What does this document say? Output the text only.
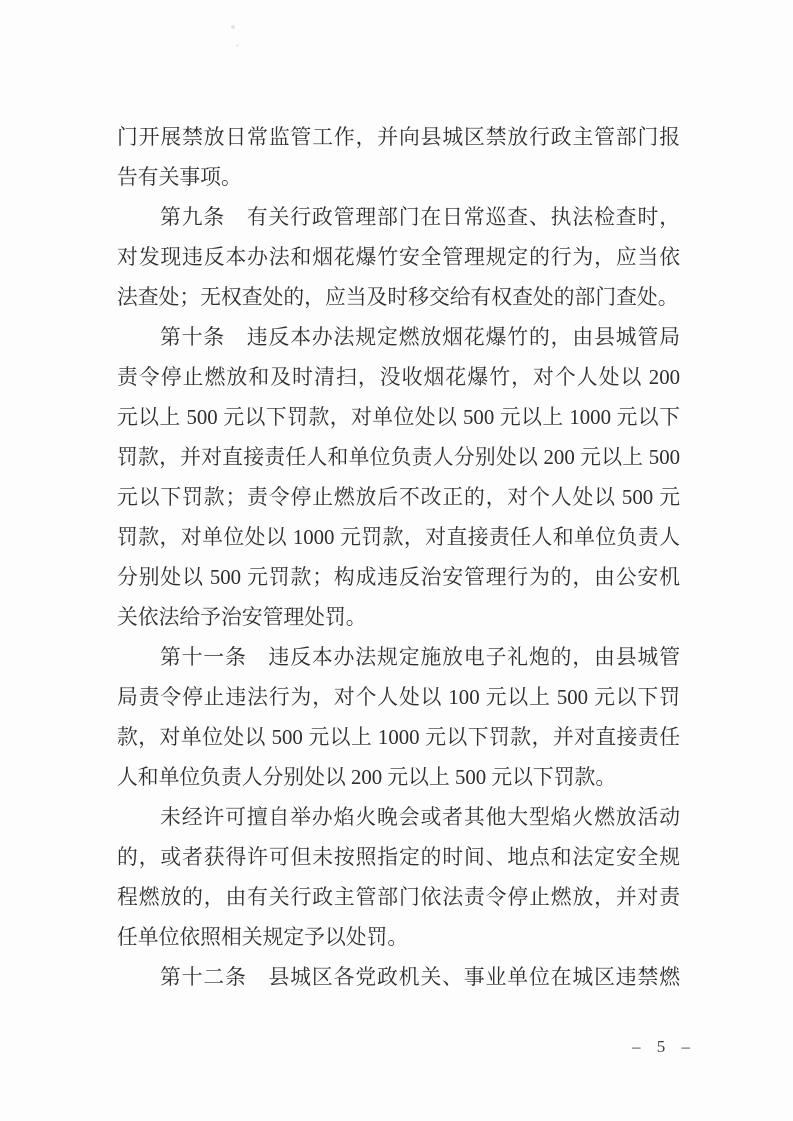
门开展禁放日常监管工作，并向县城区禁放行政主管部门报
告有关事项。
第九条　有关行政管理部门在日常巡查、执法检查时，
对发现违反本办法和烟花爆竹安全管理规定的行为，应当依
法查处；无权查处的，应当及时移交给有权查处的部门查处。
第十条　违反本办法规定燃放烟花爆竹的，由县城管局
责令停止燃放和及时清扫，没收烟花爆竹，对个人处以 200
元以上 500 元以下罚款，对单位处以 500 元以上 1000 元以下
罚款，并对直接责任人和单位负责人分别处以 200 元以上 500
元以下罚款；责令停止燃放后不改正的，对个人处以 500 元
罚款，对单位处以 1000 元罚款，对直接责任人和单位负责人
分别处以 500 元罚款；构成违反治安管理行为的，由公安机
关依法给予治安管理处罚。
第十一条　违反本办法规定施放电子礼炮的，由县城管
局责令停止违法行为，对个人处以 100 元以上 500 元以下罚
款，对单位处以 500 元以上 1000 元以下罚款，并对直接责任
人和单位负责人分别处以 200 元以上 500 元以下罚款。
未经许可擅自举办焰火晚会或者其他大型焰火燃放活动
的，或者获得许可但未按照指定的时间、地点和法定安全规
程燃放的，由有关行政主管部门依法责令停止燃放，并对责
任单位依照相关规定予以处罚。
第十二条　县城区各党政机关、事业单位在城区违禁燃
– 5 –
